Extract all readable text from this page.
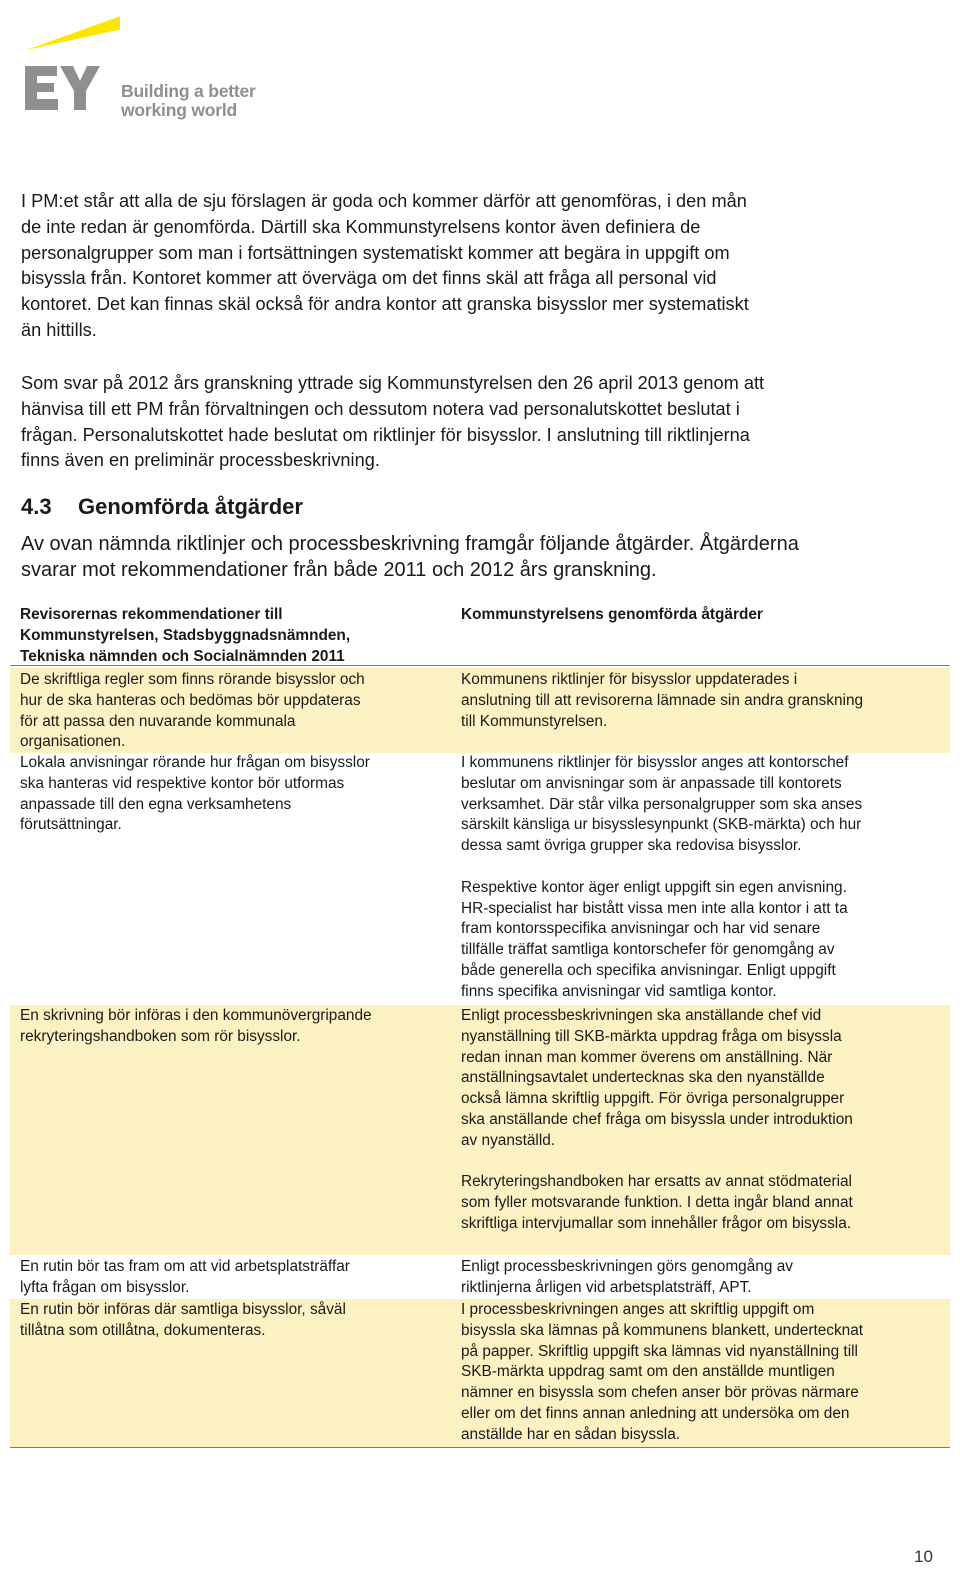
Building a better
working world
I PM:et står att alla de sju förslagen är goda och kommer därför att genomföras, i den mån
de inte redan är genomförda. Därtill ska Kommunstyrelsens kontor även definiera de
personalgrupper som man i fortsättningen systematiskt kommer att begära in uppgift om
bisyssla från. Kontoret kommer att överväga om det finns skäl att fråga all personal vid
kontoret. Det kan finnas skäl också för andra kontor att granska bisysslor mer systematiskt
än hittills.
Som svar på 2012 års granskning yttrade sig Kommunstyrelsen den 26 april 2013 genom att
hänvisa till ett PM från förvaltningen och dessutom notera vad personalutskottet beslutat i
frågan. Personalutskottet hade beslutat om riktlinjer för bisysslor. I anslutning till riktlinjerna
finns även en preliminär processbeskrivning.
4.3 Genomförda åtgärder
Av ovan nämnda riktlinjer och processbeskrivning framgår följande åtgärder. Åtgärderna
svarar mot rekommendationer från både 2011 och 2012 års granskning.
Revisorernas rekommendationer till
Kommunstyrelsen, Stadsbyggnadsnämnden,
Tekniska nämnden och Socialnämnden 2011
Kommunstyrelsens genomförda åtgärder
De skriftliga regler som finns rörande bisysslor och
hur de ska hanteras och bedömas bör uppdateras
för att passa den nuvarande kommunala
organisationen.
Kommunens riktlinjer för bisysslor uppdaterades i
anslutning till att revisorerna lämnade sin andra granskning
till Kommunstyrelsen.
Lokala anvisningar rörande hur frågan om bisysslor
ska hanteras vid respektive kontor bör utformas
anpassade till den egna verksamhetens
förutsättningar.
I kommunens riktlinjer för bisysslor anges att kontorschef
beslutar om anvisningar som är anpassade till kontorets
verksamhet. Där står vilka personalgrupper som ska anses
särskilt känsliga ur bisysslesynpunkt (SKB-märkta) och hur
dessa samt övriga grupper ska redovisa bisysslor.
Respektive kontor äger enligt uppgift sin egen anvisning.
HR-specialist har bistått vissa men inte alla kontor i att ta
fram kontorsspecifika anvisningar och har vid senare
tillfälle träffat samtliga kontorschefer för genomgång av
både generella och specifika anvisningar. Enligt uppgift
finns specifika anvisningar vid samtliga kontor.
En skrivning bör införas i den kommunövergripande
rekryteringshandboken som rör bisysslor.
Enligt processbeskrivningen ska anställande chef vid
nyanställning till SKB-märkta uppdrag fråga om bisyssla
redan innan man kommer överens om anställning. När
anställningsavtalet undertecknas ska den nyanställde
också lämna skriftlig uppgift. För övriga personalgrupper
ska anställande chef fråga om bisyssla under introduktion
av nyanställd.
Rekryteringshandboken har ersatts av annat stödmaterial
som fyller motsvarande funktion. I detta ingår bland annat
skriftliga intervjumallar som innehåller frågor om bisyssla.
En rutin bör tas fram om att vid arbetsplatsträffar
lyfta frågan om bisysslor.
Enligt processbeskrivningen görs genomgång av
riktlinjerna årligen vid arbetsplatsträff, APT.
En rutin bör införas där samtliga bisysslor, såväl
tillåtna som otillåtna, dokumenteras.
I processbeskrivningen anges att skriftlig uppgift om
bisyssla ska lämnas på kommunens blankett, undertecknat
på papper. Skriftlig uppgift ska lämnas vid nyanställning till
SKB-märkta uppdrag samt om den anställde muntligen
nämner en bisyssla som chefen anser bör prövas närmare
eller om det finns annan anledning att undersöka om den
anställde har en sådan bisyssla.
10
